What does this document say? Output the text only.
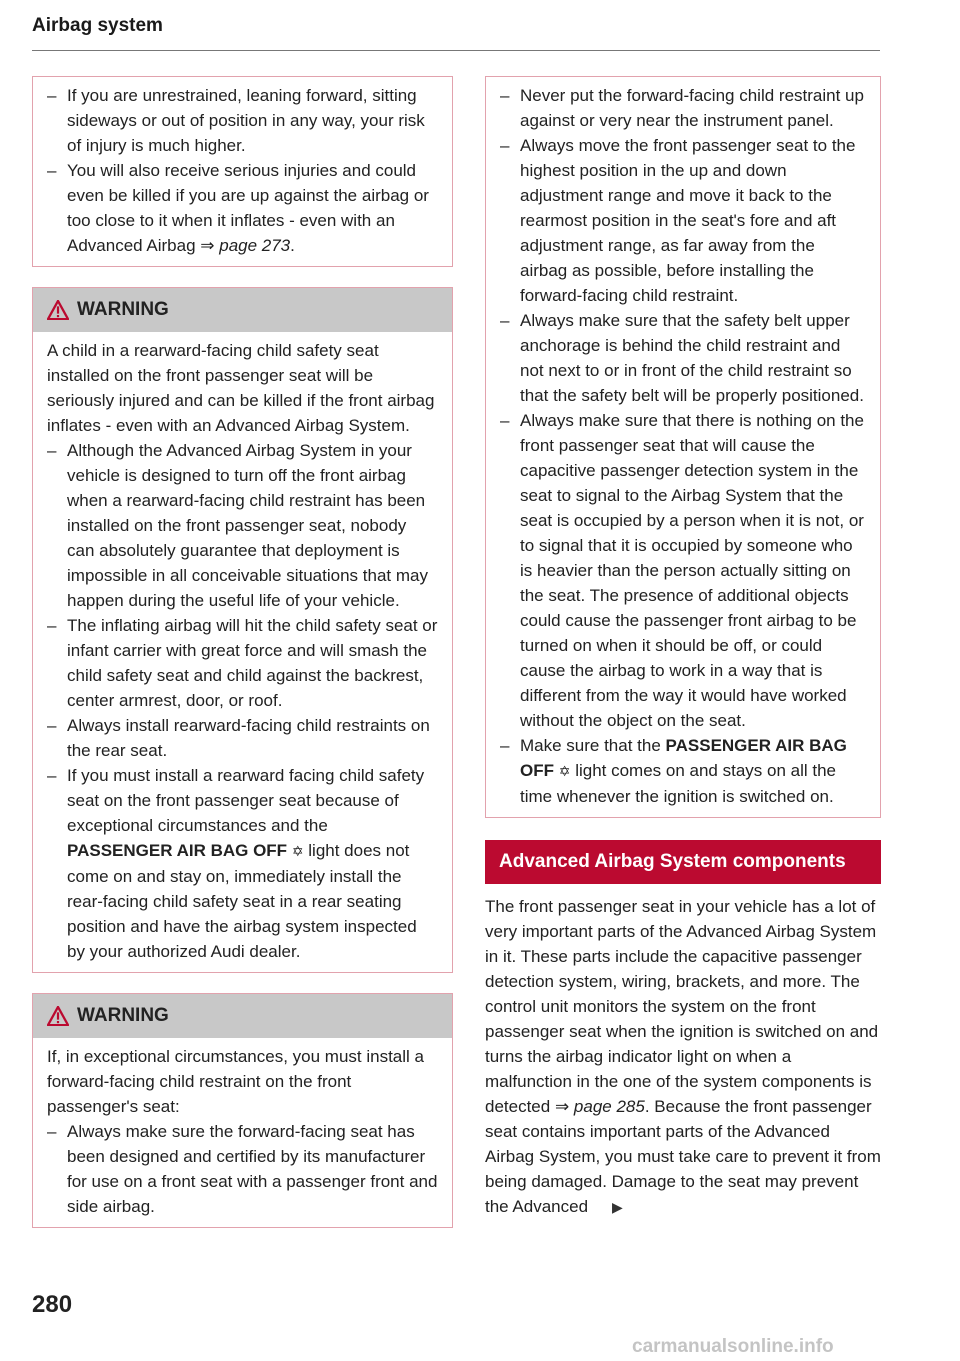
Airbag system
– If you are unrestrained, leaning forward, sitting sideways or out of position in any way, your risk of injury is much higher.
– You will also receive serious injuries and could even be killed if you are up against the airbag or too close to it when it inflates - even with an Advanced Airbag ⇒ page 273.
WARNING

A child in a rearward-facing child safety seat installed on the front passenger seat will be seriously injured and can be killed if the front airbag inflates - even with an Advanced Airbag System.

– Although the Advanced Airbag System in your vehicle is designed to turn off the front airbag when a rearward-facing child restraint has been installed on the front passenger seat, nobody can absolutely guarantee that deployment is impossible in all conceivable situations that may happen during the useful life of your vehicle.
– The inflating airbag will hit the child safety seat or infant carrier with great force and will smash the child safety seat and child against the backrest, center armrest, door, or roof.
– Always install rearward-facing child restraints on the rear seat.
– If you must install a rearward facing child safety seat on the front passenger seat because of exceptional circumstances and the PASSENGER AIR BAG OFF ✡ light does not come on and stay on, immediately install the rear-facing child safety seat in a rear seating position and have the airbag system inspected by your authorized Audi dealer.
WARNING

If, in exceptional circumstances, you must install a forward-facing child restraint on the front passenger's seat:

– Always make sure the forward-facing seat has been designed and certified by its manufacturer for use on a front seat with a passenger front and side airbag.
– Never put the forward-facing child restraint up against or very near the instrument panel.
– Always move the front passenger seat to the highest position in the up and down adjustment range and move it back to the rearmost position in the seat's fore and aft adjustment range, as far away from the airbag as possible, before installing the forward-facing child restraint.
– Always make sure that the safety belt upper anchorage is behind the child restraint and not next to or in front of the child restraint so that the safety belt will be properly positioned.
– Always make sure that there is nothing on the front passenger seat that will cause the capacitive passenger detection system in the seat to signal to the Airbag System that the seat is occupied by a person when it is not, or to signal that it is occupied by someone who is heavier than the person actually sitting on the seat. The presence of additional objects could cause the passenger front airbag to be turned on when it should be off, or could cause the airbag to work in a way that is different from the way it would have worked without the object on the seat.
– Make sure that the PASSENGER AIR BAG OFF ✡ light comes on and stays on all the time whenever the ignition is switched on.
Advanced Airbag System components

The front passenger seat in your vehicle has a lot of very important parts of the Advanced Airbag System in it. These parts include the capacitive passenger detection system, wiring, brackets, and more. The control unit monitors the system on the front passenger seat when the ignition is switched on and turns the airbag indicator light on when a malfunction in the one of the system components is detected ⇒ page 285. Because the front passenger seat contains important parts of the Advanced Airbag System, you must take care to prevent it from being damaged. Damage to the seat may prevent the Advanced ▶

280
carmanualsonline.info
